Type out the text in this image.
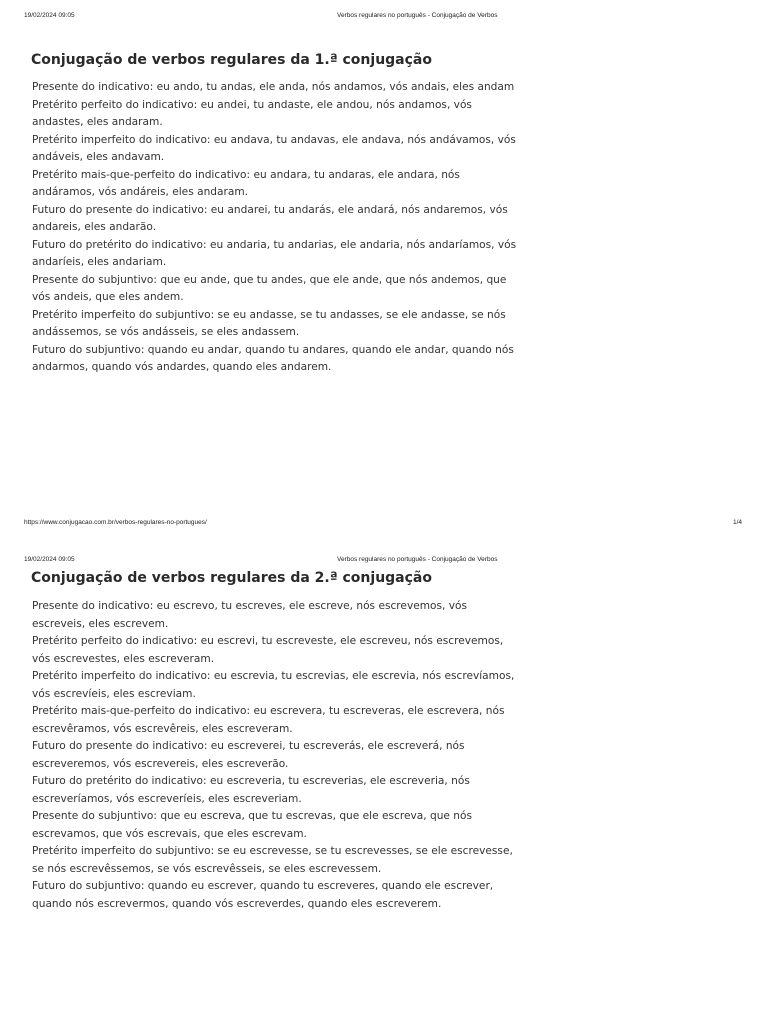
19/02/2024 09:05	Verbos regulares no português - Conjugação de Verbos
Conjugação de verbos regulares da 1.ª conjugação

Presente do indicativo: eu ando, tu andas, ele anda, nós andamos, vós andais, eles andam

Pretérito perfeito do indicativo: eu andei, tu andaste, ele andou, nós andamos, vós andastes, eles andaram.

Pretérito imperfeito do indicativo: eu andava, tu andavas, ele andava, nós andávamos, vós andáveis, eles andavam.

Pretérito mais-que-perfeito do indicativo: eu andara, tu andaras, ele andara, nós andáramos, vós andáreis, eles andaram.

Futuro do presente do indicativo: eu andarei, tu andarás, ele andará, nós andaremos, vós andareis, eles andarão.

Futuro do pretérito do indicativo: eu andaria, tu andarias, ele andaria, nós andaríamos, vós andaríeis, eles andariam.

Presente do subjuntivo: que eu ande, que tu andes, que ele ande, que nós andemos, que vós andeis, que eles andem.

Pretérito imperfeito do subjuntivo: se eu andasse, se tu andasses, se ele andasse, se nós andássemos, se vós andásseis, se eles andassem.

Futuro do subjuntivo: quando eu andar, quando tu andares, quando ele andar, quando nós andarmos, quando vós andardes, quando eles andarem.

https://www.conjugacao.com.br/verbos-regulares-no-portugues/	1/4
19/02/2024 09:05	Verbos regulares no português - Conjugação de Verbos
Conjugação de verbos regulares da 2.ª conjugação

Presente do indicativo: eu escrevo, tu escreves, ele escreve, nós escrevemos, vós escreveis, eles escrevem.

Pretérito perfeito do indicativo: eu escrevi, tu escreveste, ele escreveu, nós escrevemos, vós escrevestes, eles escreveram.

Pretérito imperfeito do indicativo: eu escrevia, tu escrevias, ele escrevia, nós escrevíamos, vós escrevíeis, eles escreviam.

Pretérito mais-que-perfeito do indicativo: eu escrevera, tu escreveras, ele escrevera, nós escrevêramos, vós escrevêreis, eles escreveram.

Futuro do presente do indicativo: eu escreverei, tu escreverás, ele escreverá, nós escreveremos, vós escrevereis, eles escreverão.

Futuro do pretérito do indicativo: eu escreveria, tu escreverias, ele escreveria, nós escreveríamos, vós escreveríeis, eles escreveriam.

Presente do subjuntivo: que eu escreva, que tu escrevas, que ele escreva, que nós escrevamos, que vós escrevais, que eles escrevam.

Pretérito imperfeito do subjuntivo: se eu escrevesse, se tu escrevesses, se ele escrevesse, se nós escrevêssemos, se vós escrevêsseis, se eles escrevessem.

Futuro do subjuntivo: quando eu escrever, quando tu escreveres, quando ele escrever, quando nós escrevermos, quando vós escreverdes, quando eles escreverem.
